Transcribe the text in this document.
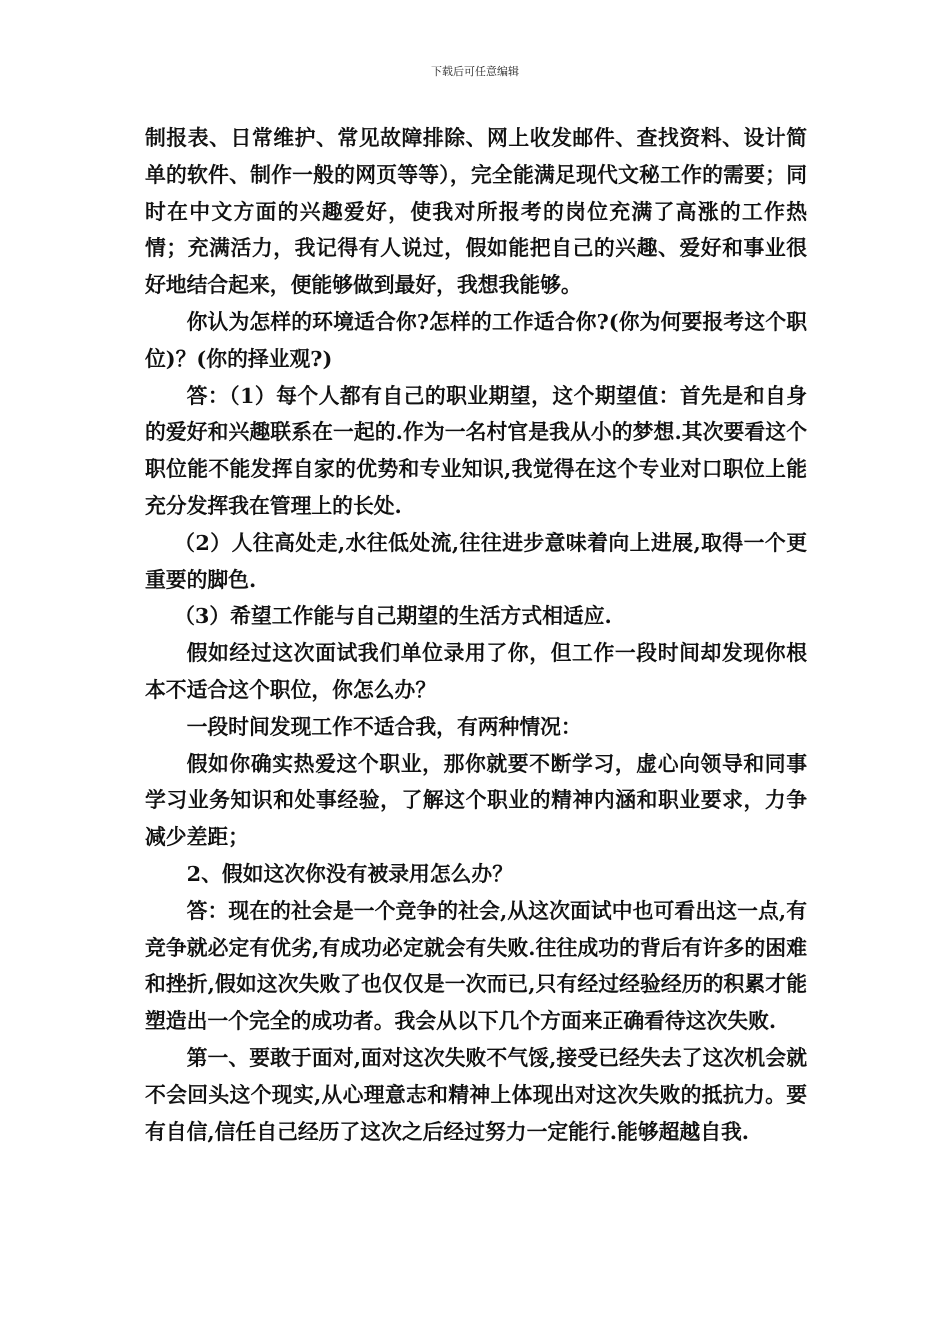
下载后可任意编辑

制报表、日常维护、常见故障排除、网上收发邮件、查找资料、设计简单的软件、制作一般的网页等等），完全能满足现代文秘工作的需要；同时在中文方面的兴趣爱好，使我对所报考的岗位充满了高涨的工作热情；充满活力，我记得有人说过，假如能把自己的兴趣、爱好和事业很好地结合起来，便能够做到最好，我想我能够。

你认为怎样的环境适合你?怎样的工作适合你?(你为何要报考这个职位)？(你的择业观?)

答：（1）每个人都有自己的职业期望，这个期望值：首先是和自身的爱好和兴趣联系在一起的.作为一名村官是我从小的梦想.其次要看这个职位能不能发挥自家的优势和专业知识,我觉得在这个专业对口职位上能充分发挥我在管理上的长处.

（2）人往高处走,水往低处流,往往进步意味着向上进展,取得一个更重要的脚色.

（3）希望工作能与自己期望的生活方式相适应.

假如经过这次面试我们单位录用了你，但工作一段时间却发现你根本不适合这个职位，你怎么办？

一段时间发现工作不适合我，有两种情况：

假如你确实热爱这个职业，那你就要不断学习，虚心向领导和同事学习业务知识和处事经验，了解这个职业的精神内涵和职业要求，力争减少差距；

2、假如这次你没有被录用怎么办？

答：现在的社会是一个竞争的社会,从这次面试中也可看出这一点,有竞争就必定有优劣,有成功必定就会有失败.往往成功的背后有许多的困难和挫折,假如这次失败了也仅仅是一次而已,只有经过经验经历的积累才能塑造出一个完全的成功者。我会从以下几个方面来正确看待这次失败.

第一、要敢于面对,面对这次失败不气馁,接受已经失去了这次机会就不会回头这个现实,从心理意志和精神上体现出对这次失败的抵抗力。要有自信,信任自己经历了这次之后经过努力一定能行.能够超越自我.
